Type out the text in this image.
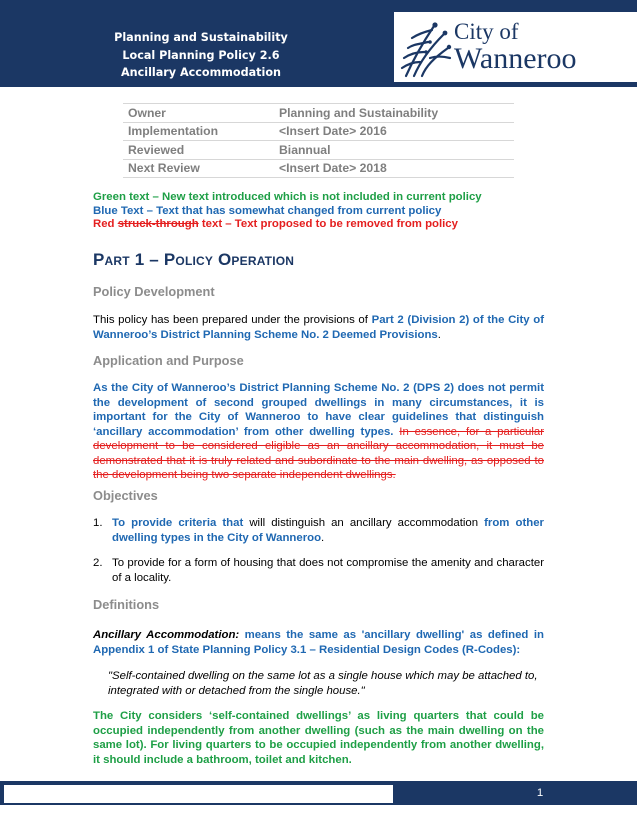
Planning and Sustainability
Local Planning Policy 2.6
Ancillary Accommodation
City of
Wanneroo
Owner	Planning and Sustainability
Implementation	<Insert Date> 2016
Reviewed	Biannual
Next Review	<Insert Date> 2018
Green text – New text introduced which is not included in current policy
Blue Text – Text that has somewhat changed from current policy
Red struck-through text – Text proposed to be removed from policy
Part 1 – Policy Operation
Policy Development
This policy has been prepared under the provisions of Part 2 (Division 2) of the City of Wanneroo’s District Planning Scheme No. 2 Deemed Provisions.
Application and Purpose
As the City of Wanneroo’s District Planning Scheme No. 2 (DPS 2) does not permit the development of second grouped dwellings in many circumstances, it is important for the City of Wanneroo to have clear guidelines that distinguish ‘ancillary accommodation’ from other dwelling types. In essence, for a particular development to be considered eligible as an ancillary accommodation, it must be demonstrated that it is truly related and subordinate to the main dwelling, as opposed to the development being two separate independent dwellings.
Objectives
1. To provide criteria that will distinguish an ancillary accommodation from other dwelling types in the City of Wanneroo.
2. To provide for a form of housing that does not compromise the amenity and character of a locality.
Definitions
Ancillary Accommodation: means the same as 'ancillary dwelling' as defined in Appendix 1 of State Planning Policy 3.1 – Residential Design Codes (R-Codes):
"Self-contained dwelling on the same lot as a single house which may be attached to, integrated with or detached from the single house."
The City considers ‘self-contained dwellings’ as living quarters that could be occupied independently from another dwelling (such as the main dwelling on the same lot). For living quarters to be occupied independently from another dwelling, it should include a bathroom, toilet and kitchen.
1
